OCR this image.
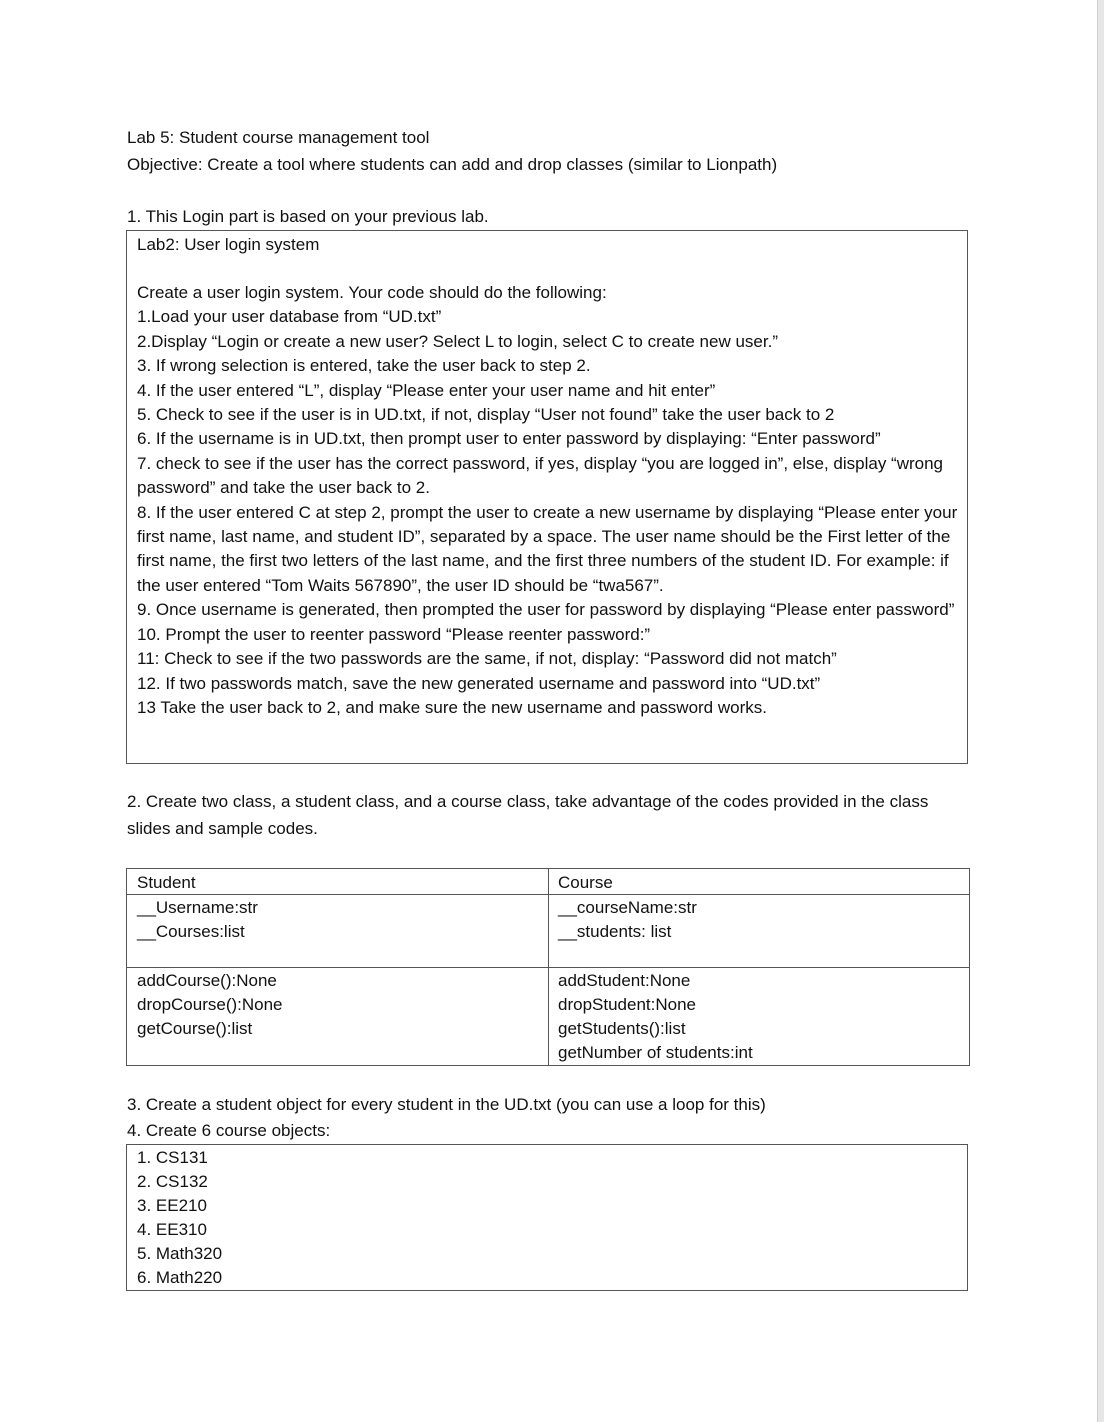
Lab 5: Student course management tool
Objective: Create a tool where students can add and drop classes (similar to Lionpath)
1. This Login part is based on your previous lab.
Lab2: User login system

Create a user login system. Your code should do the following:

1.Load your user database from “UD.txt”

2.Display “Login or create a new user? Select L to login, select C to create new user.”

3. If wrong selection is entered, take the user back to step 2.

4. If the user entered “L”, display “Please enter your user name and hit enter”

5. Check to see if the user is in UD.txt, if not, display “User not found” take the user back to 2

6. If the username is in UD.txt, then prompt user to enter password by displaying: “Enter password”

7. check to see if the user has the correct password, if yes, display “you are logged in”, else, display “wrong password” and take the user back to 2.

8. If the user entered C at step 2, prompt the user to create a new username by displaying “Please enter your first name, last name, and student ID”, separated by a space. The user name should be the First letter of the first name, the first two letters of the last name, and the first three numbers of the student ID. For example: if the user entered “Tom Waits 567890”, the user ID should be “twa567”.

9. Once username is generated, then prompted the user for password by displaying “Please enter password”

10. Prompt the user to reenter password “Please reenter password:”

11: Check to see if the two passwords are the same, if not, display: “Password did not match”

12. If two passwords match, save the new generated username and password into “UD.txt”

13 Take the user back to 2, and make sure the new username and password works.

2. Create two class, a student class, and a course class, take advantage of the codes provided in the class
slides and sample codes.
Student
__Username:str
__Courses:list
addCourse():None
dropCourse():None
getCourse():list
Course
__courseName:str
__students: list
addStudent:None
dropStudent:None
getStudents():list
getNumber of students:int
3. Create a student object for every student in the UD.txt (you can use a loop for this)
4. Create 6 course objects:
1. CS131
2. CS132
3. EE210
4. EE310
5. Math320
6. Math220
